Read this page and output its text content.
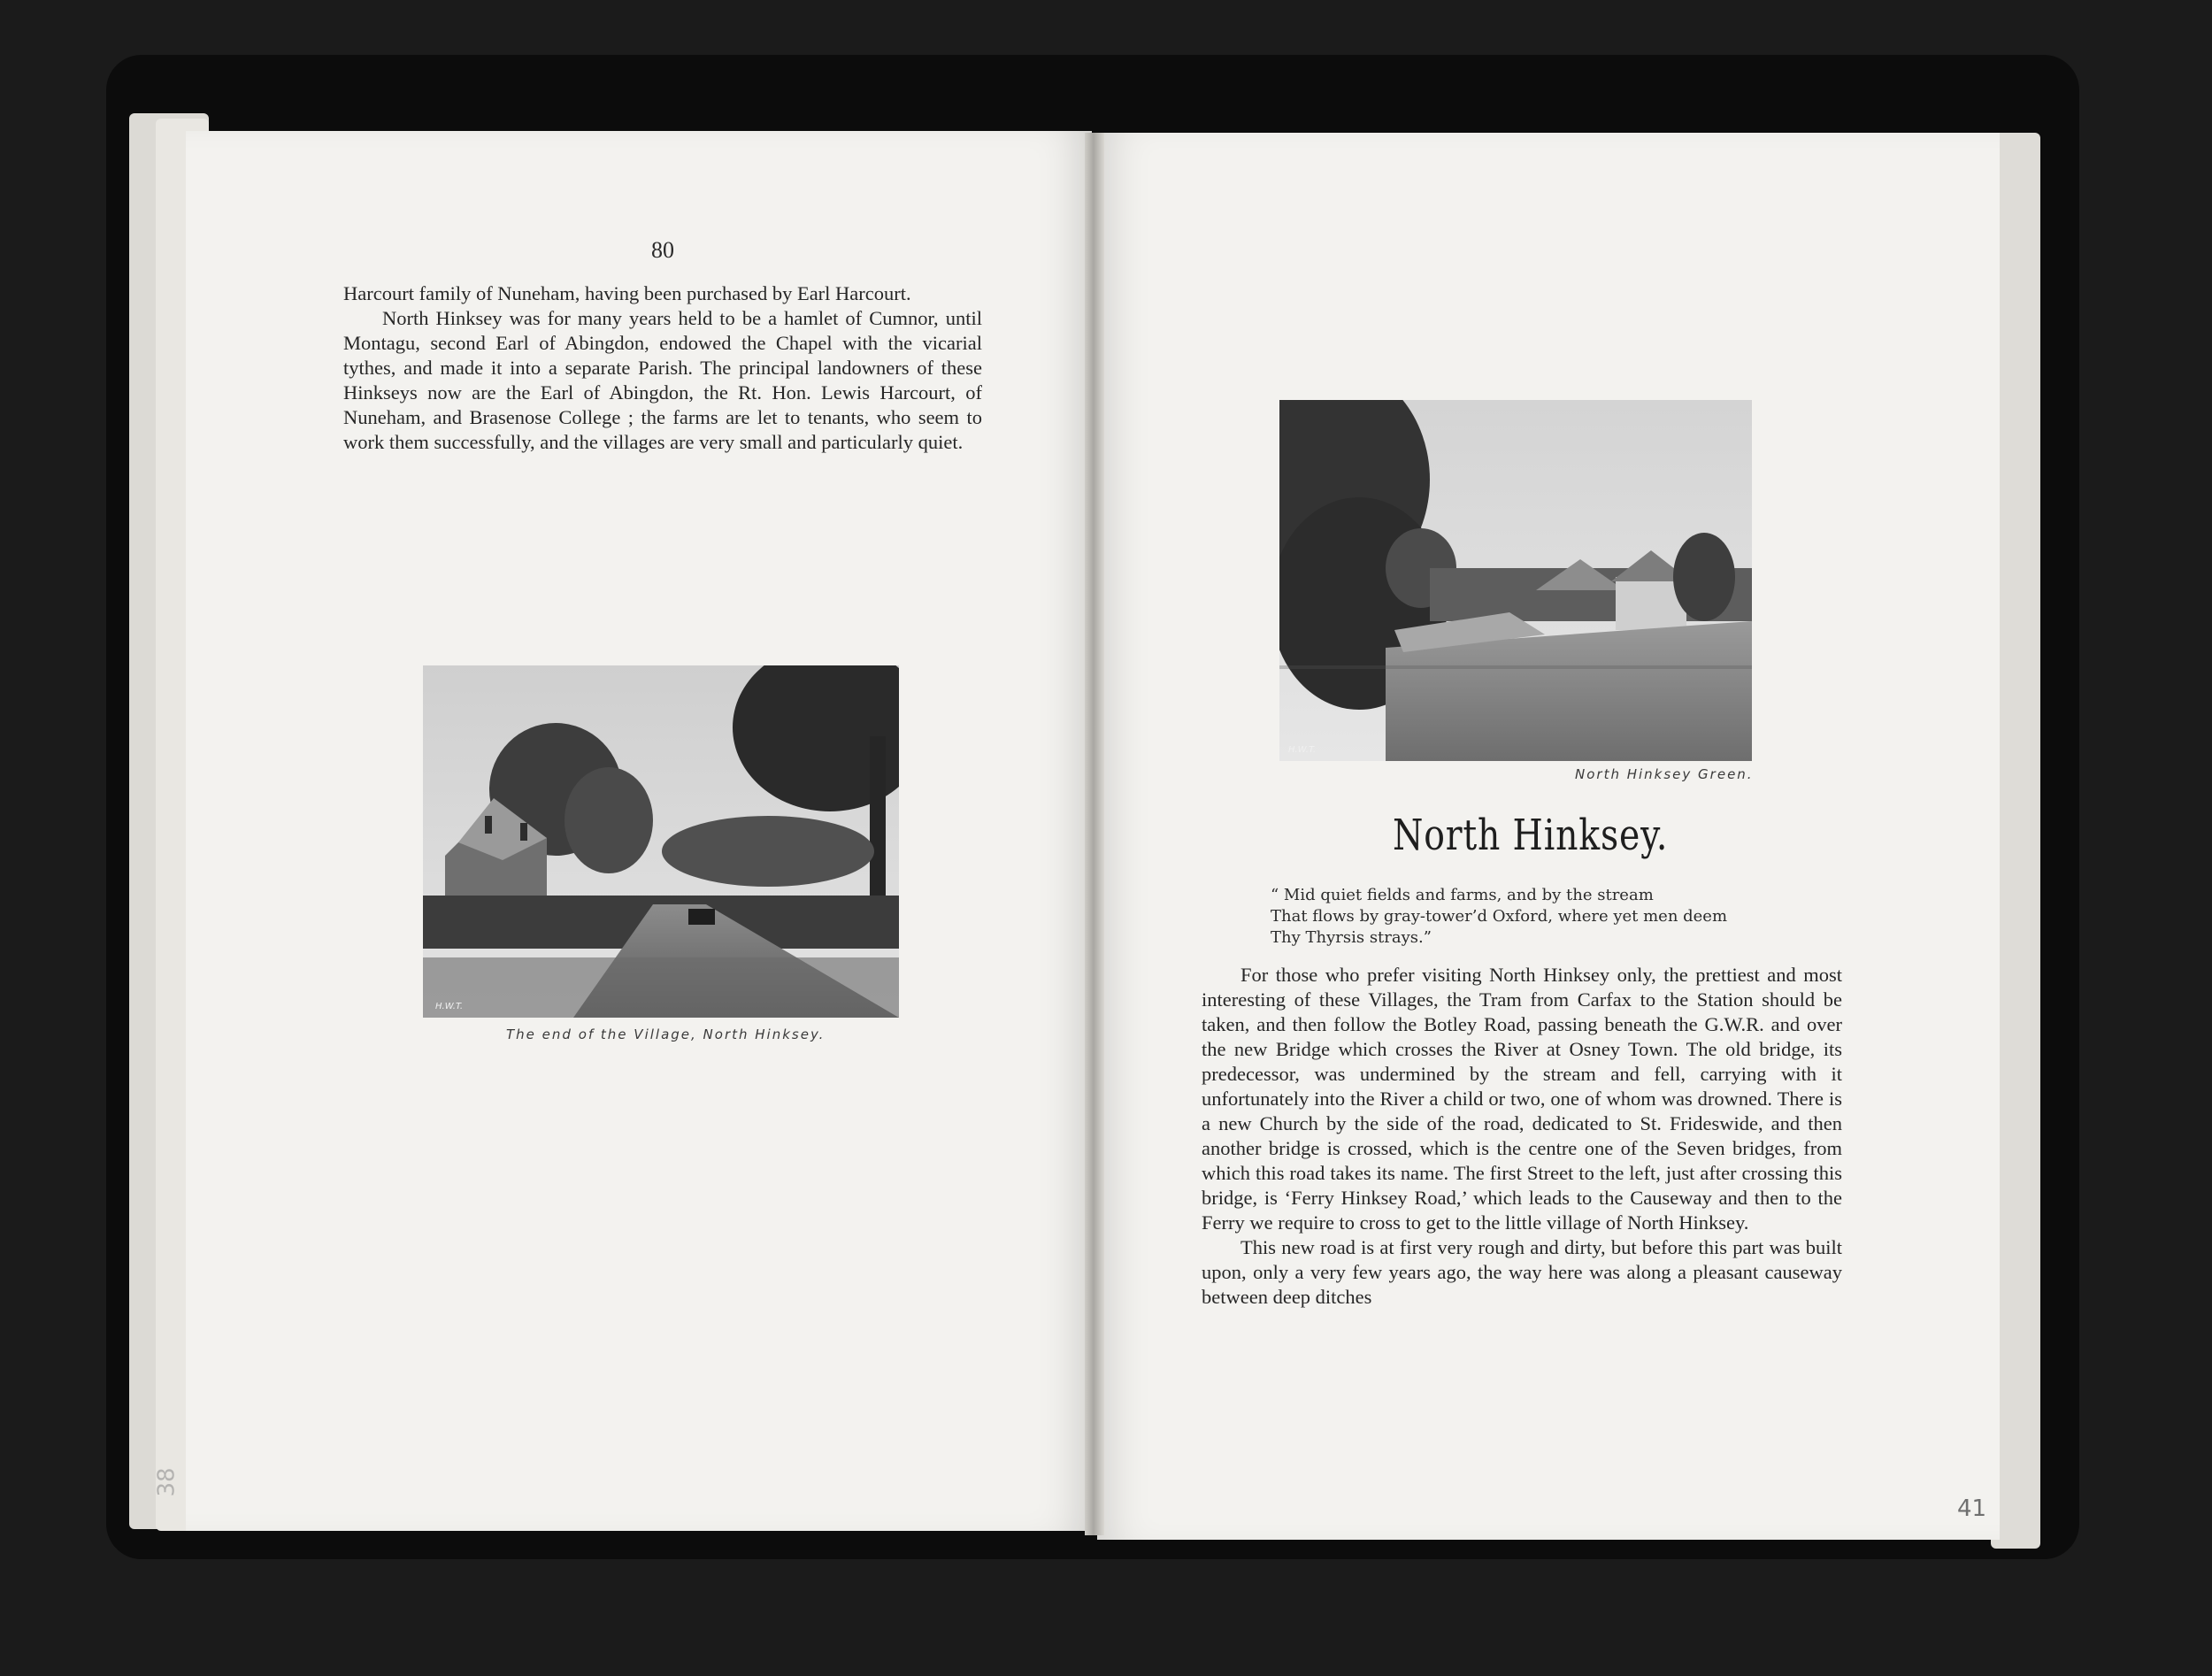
80

Harcourt family of Nuneham, having been purchased by Earl Harcourt.

North Hinksey was for many years held to be a hamlet of Cumnor, until Montagu, second Earl of Abingdon, endowed the Chapel with the vicarial tythes, and made it into a separate Parish. The principal landowners of these Hinkseys now are the Earl of Abingdon, the Rt. Hon. Lewis Harcourt, of Nuneham, and Brasenose College ; the farms are let to tenants, who seem to work them successfully, and the villages are very small and particularly quiet.

H.W.T.
The end of the Village, North Hinksey.
H.W.T.
North Hinksey Green.
North Hinksey.
“ Mid quiet fields and farms, and by the stream
That flows by gray-tower’d Oxford, where yet men deem
Thy Thyrsis strays.”

For those who prefer visiting North Hinksey only, the prettiest and most interesting of these Villages, the Tram from Carfax to the Station should be taken, and then follow the Botley Road, passing beneath the G.W.R. and over the new Bridge which crosses the River at Osney Town. The old bridge, its predecessor, was undermined by the stream and fell, carrying with it unfortunately into the River a child or two, one of whom was drowned. There is a new Church by the side of the road, dedicated to St. Frideswide, and then another bridge is crossed, which is the centre one of the Seven bridges, from which this road takes its name. The first Street to the left, just after crossing this bridge, is ‘Ferry Hinksey Road,’ which leads to the Causeway and then to the Ferry we require to cross to get to the little village of North Hinksey.

This new road is at first very rough and dirty, but before this part was built upon, only a very few years ago, the way here was along a pleasant causeway between deep ditches

38
41
